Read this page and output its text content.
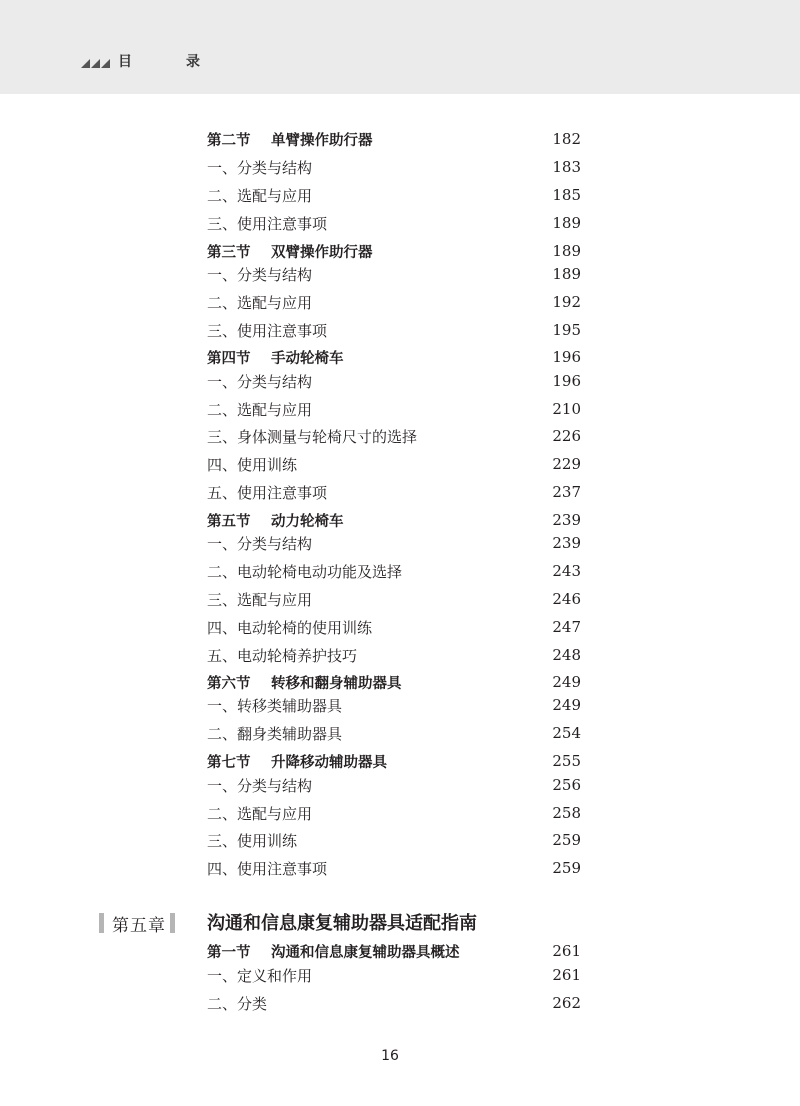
目　录
第二节	单臂操作助行器	182
一、分类与结构	183
二、选配与应用	185
三、使用注意事项	189
第三节	双臂操作助行器	189
一、分类与结构	189
二、选配与应用	192
三、使用注意事项	195
第四节	手动轮椅车	196
一、分类与结构	196
二、选配与应用	210
三、身体测量与轮椅尺寸的选择	226
四、使用训练	229
五、使用注意事项	237
第五节	动力轮椅车	239
一、分类与结构	239
二、电动轮椅电动功能及选择	243
三、选配与应用	246
四、电动轮椅的使用训练	247
五、电动轮椅养护技巧	248
第六节	转移和翻身辅助器具	249
一、转移类辅助器具	249
二、翻身类辅助器具	254
第七节	升降移动辅助器具	255
一、分类与结构	256
二、选配与应用	258
三、使用训练	259
四、使用注意事项	259
第五章 沟通和信息康复辅助器具适配指南
第一节	沟通和信息康复辅助器具概述	261
一、定义和作用	261
二、分类	262
16
